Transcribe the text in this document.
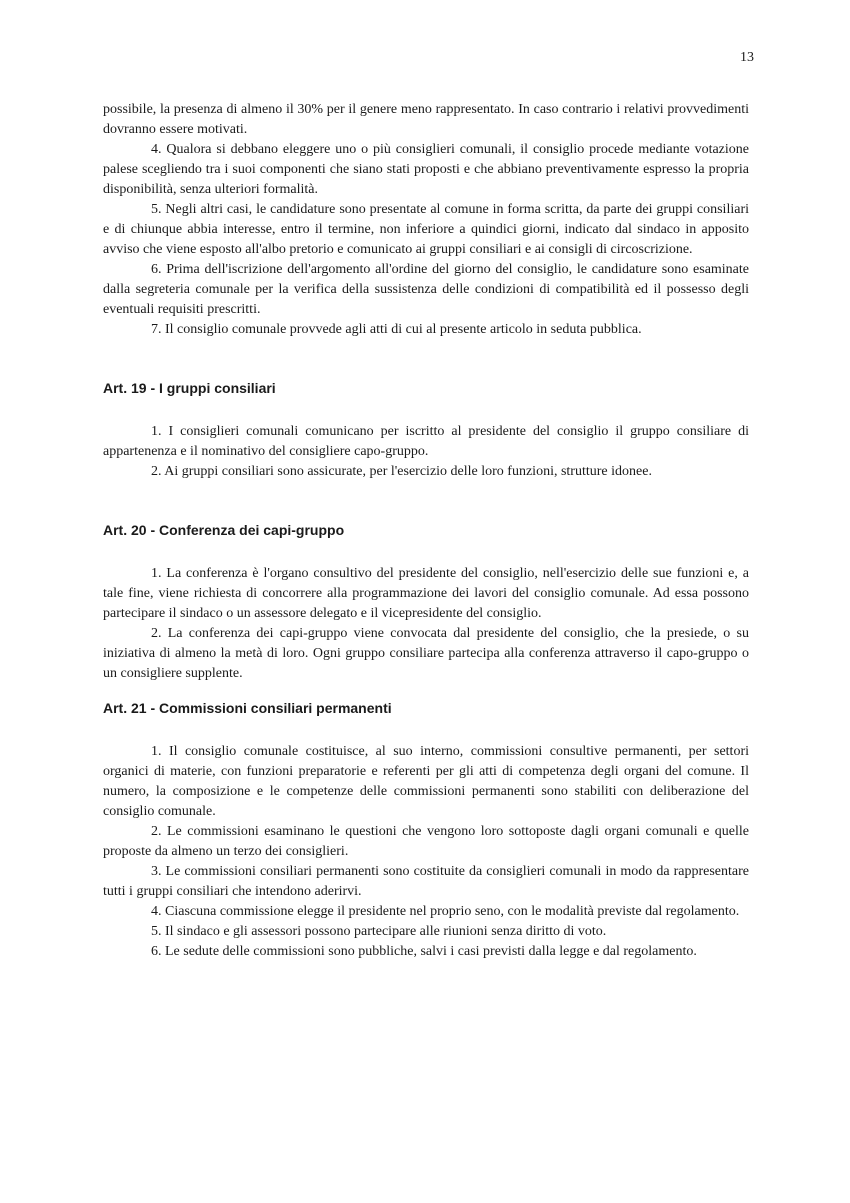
13

possibile, la presenza di almeno il 30% per il genere meno rappresentato. In caso contrario i relativi provvedimenti dovranno essere motivati.

4. Qualora si debbano eleggere uno o più consiglieri comunali, il consiglio procede mediante votazione palese scegliendo tra i suoi componenti che siano stati proposti e che abbiano preventivamente espresso la propria disponibilità, senza ulteriori formalità.

5. Negli altri casi, le candidature sono presentate al comune in forma scritta, da parte dei gruppi consiliari e di chiunque abbia interesse, entro il termine, non inferiore a quindici giorni, indicato dal sindaco in apposito avviso che viene esposto all'albo pretorio e comunicato ai gruppi consiliari e ai consigli di circoscrizione.

6. Prima dell'iscrizione dell'argomento all'ordine del giorno del consiglio, le candidature sono esaminate dalla segreteria comunale per la verifica della sussistenza delle condizioni di compatibilità ed il possesso degli eventuali requisiti prescritti.

7. Il consiglio comunale provvede agli atti di cui al presente articolo in seduta pubblica.

Art. 19 - I gruppi consiliari

1. I consiglieri comunali comunicano per iscritto al presidente del consiglio il gruppo consiliare di appartenenza e il nominativo del consigliere capo-gruppo.

2. Ai gruppi consiliari sono assicurate, per l'esercizio delle loro funzioni, strutture idonee.

Art. 20 - Conferenza dei capi-gruppo

1. La conferenza è l'organo consultivo del presidente del consiglio, nell'esercizio delle sue funzioni e, a tale fine, viene richiesta di concorrere alla programmazione dei lavori del consiglio comunale. Ad essa possono partecipare il sindaco o un assessore delegato e il vicepresidente del consiglio.

2. La conferenza dei capi-gruppo viene convocata dal presidente del consiglio, che la presiede, o su iniziativa di almeno la metà di loro. Ogni gruppo consiliare partecipa alla conferenza attraverso il capo-gruppo o un consigliere supplente.

Art. 21 - Commissioni consiliari permanenti

1. Il consiglio comunale costituisce, al suo interno, commissioni consultive permanenti, per settori organici di materie, con funzioni preparatorie e referenti per gli atti di competenza degli organi del comune. Il numero, la composizione e le competenze delle commissioni permanenti sono stabiliti con deliberazione del consiglio comunale.

2. Le commissioni esaminano le questioni che vengono loro sottoposte dagli organi comunali e quelle proposte da almeno un terzo dei consiglieri.

3. Le commissioni consiliari permanenti sono costituite da consiglieri comunali in modo da rappresentare tutti i gruppi consiliari che intendono aderirvi.

4. Ciascuna commissione elegge il presidente nel proprio seno, con le modalità previste dal regolamento.

5. Il sindaco e gli assessori possono partecipare alle riunioni senza diritto di voto.

6. Le sedute delle commissioni sono pubbliche, salvi i casi previsti dalla legge e dal regolamento.
